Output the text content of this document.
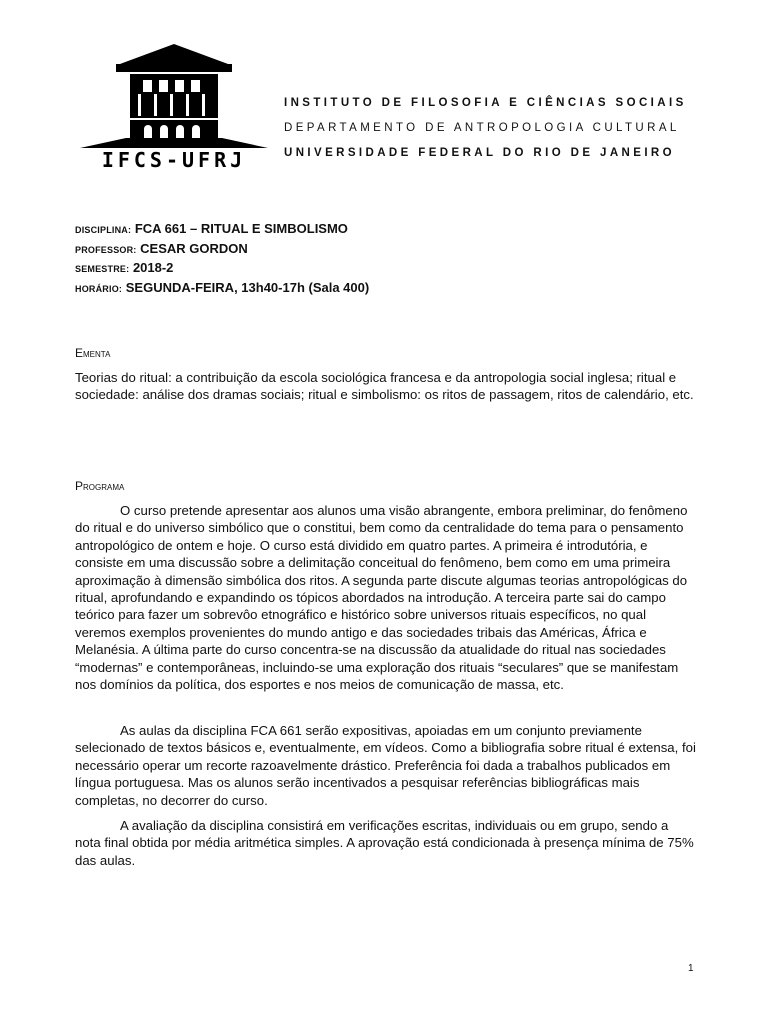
IFCS-UFRJ
INSTITUTO DE FILOSOFIA E CIÊNCIAS SOCIAIS
DEPARTAMENTO DE ANTROPOLOGIA CULTURAL
UNIVERSIDADE FEDERAL DO RIO DE JANEIRO
DISCIPLINA: FCA 661 – RITUAL E SIMBOLISMO
PROFESSOR: CESAR GORDON
SEMESTRE: 2018-2
HORÁRIO: SEGUNDA-FEIRA, 13h40-17h (Sala 400)
Ementa

Teorias do ritual: a contribuição da escola sociológica francesa e da antropologia social inglesa; ritual e sociedade: análise dos dramas sociais; ritual e simbolismo: os ritos de passagem, ritos de calendário, etc.

Programa

O curso pretende apresentar aos alunos uma visão abrangente, embora preliminar, do fenômeno do ritual e do universo simbólico que o constitui, bem como da centralidade do tema para o pensamento antropológico de ontem e hoje. O curso está dividido em quatro partes. A primeira é introdutória, e consiste em uma discussão sobre a delimitação conceitual do fenômeno, bem como em uma primeira aproximação à dimensão simbólica dos ritos. A segunda parte discute algumas teorias antropológicas do ritual, aprofundando e expandindo os tópicos abordados na introdução. A terceira parte sai do campo teórico para fazer um sobrevôo etnográfico e histórico sobre universos rituais específicos, no qual veremos exemplos provenientes do mundo antigo e das sociedades tribais das Américas, África e Melanésia. A última parte do curso concentra-se na discussão da atualidade do ritual nas sociedades “modernas” e contemporâneas, incluindo-se uma exploração dos rituais “seculares” que se manifestam nos domínios da política, dos esportes e nos meios de comunicação de massa, etc.

As aulas da disciplina FCA 661 serão expositivas, apoiadas em um conjunto previamente selecionado de textos básicos e, eventualmente, em vídeos. Como a bibliografia sobre ritual é extensa, foi necessário operar um recorte razoavelmente drástico. Preferência foi dada a trabalhos publicados em língua portuguesa. Mas os alunos serão incentivados a pesquisar referências bibliográficas mais completas, no decorrer do curso.

A avaliação da disciplina consistirá em verificações escritas, individuais ou em grupo, sendo a nota final obtida por média aritmética simples. A aprovação está condicionada à presença mínima de 75% das aulas.

1
